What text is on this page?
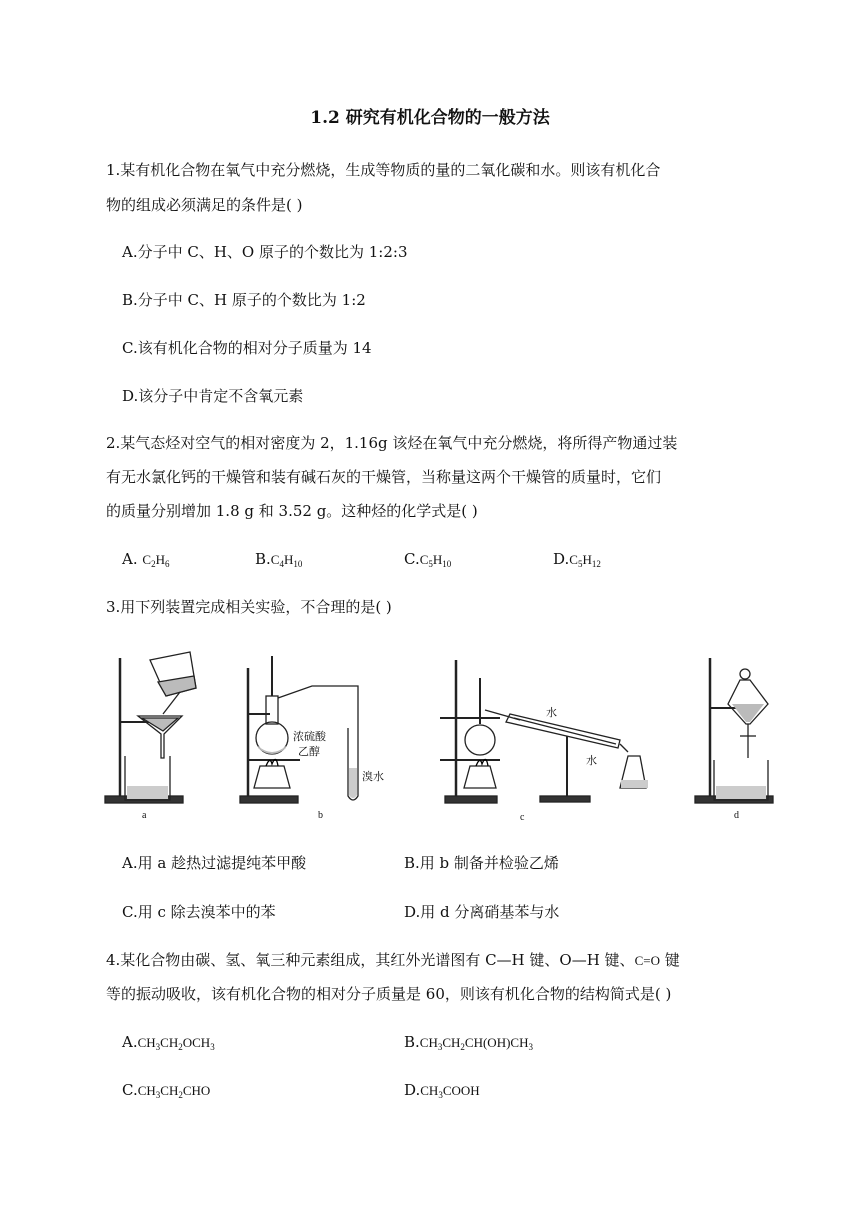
1.2 研究有机化合物的一般方法
1.某有机化合物在氧气中充分燃烧，生成等物质的量的二氧化碳和水。则该有机化合
物的组成必须满足的条件是( )
A.分子中 C、H、O 原子的个数比为 1:2:3
B.分子中 C、H 原子的个数比为 1:2
C.该有机化合物的相对分子质量为 14
D.该分子中肯定不含氧元素
2.某气态烃对空气的相对密度为 2，1.16g 该烃在氧气中充分燃烧，将所得产物通过装
有无水氯化钙的干燥管和装有碱石灰的干燥管，当称量这两个干燥管的质量时，它们
的质量分别增加 1.8 g 和 3.52 g。这种烃的化学式是( )
A. $C_2H_6$	$B.C_4H_{10}$	$C.C_5H_{10}$	$D.C_5H_{12}$
3.用下列装置完成相关实验，不合理的是( )
a
浓硫酸
乙醇
溴水
b
水
水
c	d
A.用 a 趁热过滤提纯苯甲酸	B.用 b 制备并检验乙烯
C.用 c 除去溴苯中的苯	D.用 d 分离硝基苯与水
4.某化合物由碳、氢、氧三种元素组成，其红外光谱图有 C—H 键、O—H 键、C=O 键
等的振动吸收，该有机化合物的相对分子质量是 60，则该有机化合物的结构简式是( )
$A.CH_3CH_2OCH_3$	$B.CH_3CH_2CH(OH)CH_3$
$C.CH_3CH_2CHO$	$D.CH_3COOH$
